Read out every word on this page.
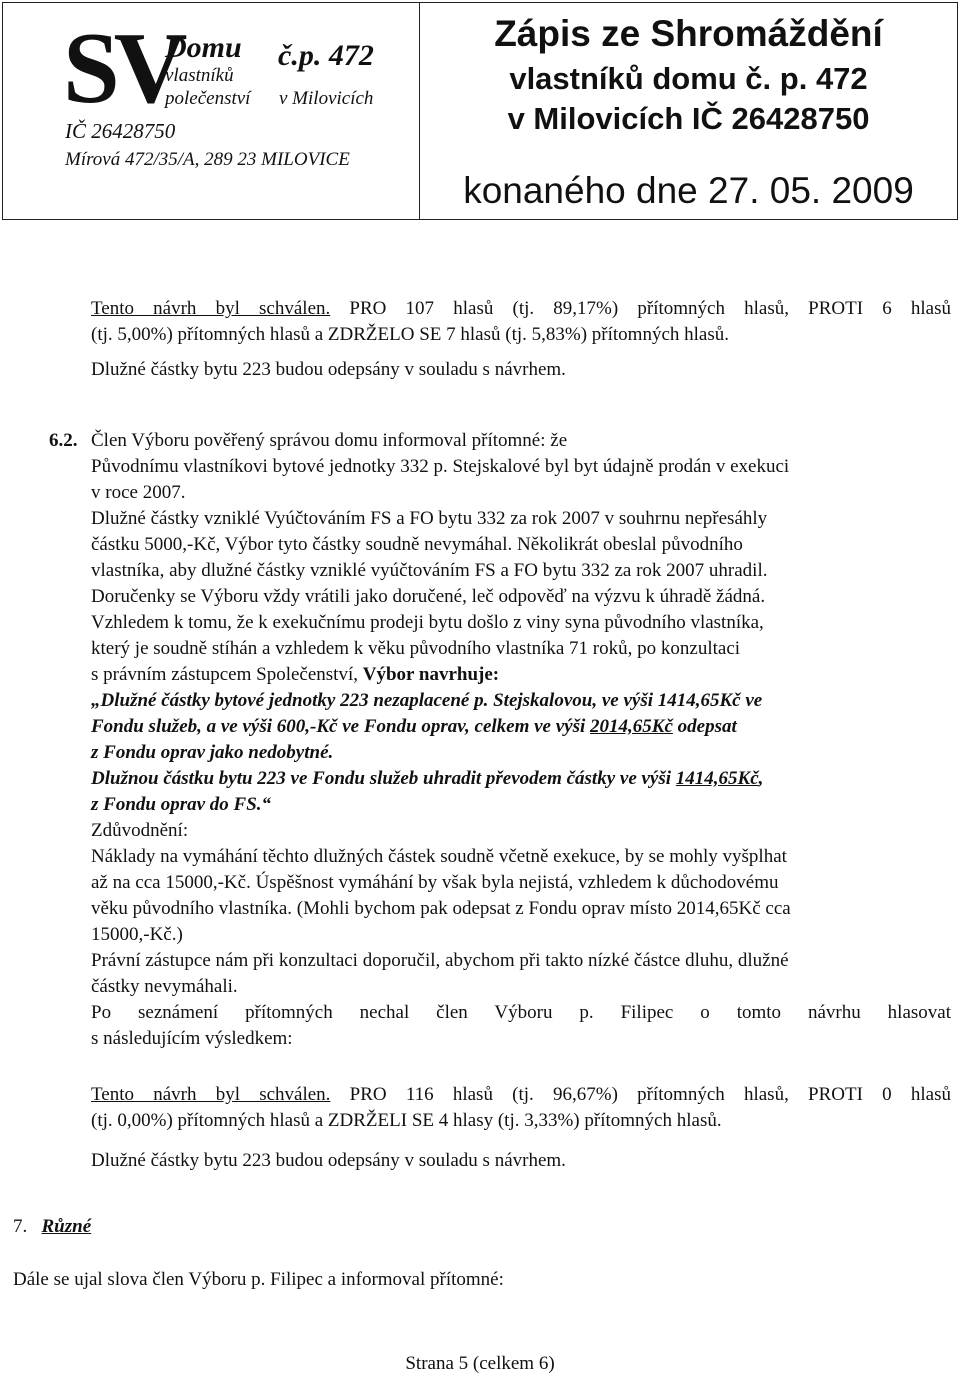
SV
Domu
vlastníků
polečenství
č.p. 472
v Milovicích
IČ 26428750
Mírová 472/35/A, 289 23 MILOVICE
Zápis ze Shromáždění
vlastníků domu č. p. 472
v Milovicích IČ 26428750
konaného dne 27. 05. 2009
Tento návrh byl schválen. PRO 107 hlasů (tj. 89,17%) přítomných hlasů, PROTI 6 hlasů
(tj. 5,00%) přítomných hlasů a ZDRŽELO SE 7 hlasů (tj. 5,83%) přítomných hlasů.
Dlužné částky bytu 223 budou odepsány v souladu s návrhem.
6.2. Člen Výboru pověřený správou domu informoval přítomné: že
Původnímu vlastníkovi bytové jednotky 332 p. Stejskalové byl byt údajně prodán v exekuci
v roce 2007.
Dlužné částky vzniklé Vyúčtováním FS a FO bytu 332 za rok 2007 v souhrnu nepřesáhly
částku 5000,-Kč, Výbor tyto částky soudně nevymáhal. Několikrát obeslal původního
vlastníka, aby dlužné částky vzniklé vyúčtováním FS a FO bytu 332 za rok 2007 uhradil.
Doručenky se Výboru vždy vrátili jako doručené, leč odpověď na výzvu k úhradě žádná.
Vzhledem k tomu, že k exekučnímu prodeji bytu došlo z viny syna původního vlastníka,
který je soudně stíhán a vzhledem k věku původního vlastníka 71 roků, po konzultaci
s právním zástupcem Společenství, Výbor navrhuje:
„Dlužné částky bytové jednotky 223 nezaplacené p. Stejskalovou, ve výši 1414,65Kč ve
Fondu služeb, a ve výši 600,-Kč ve Fondu oprav, celkem ve výši 2014,65Kč odepsat
z Fondu oprav jako nedobytné.
Dlužnou částku bytu 223 ve Fondu služeb uhradit převodem částky ve výši 1414,65Kč,
z Fondu oprav do FS.“
Zdůvodnění:
Náklady na vymáhání těchto dlužných částek soudně včetně exekuce, by se mohly vyšplhat
až na cca 15000,-Kč. Úspěšnost vymáhání by však byla nejistá, vzhledem k důchodovému
věku původního vlastníka. (Mohli bychom pak odepsat z Fondu oprav místo 2014,65Kč cca
15000,-Kč.)
Právní zástupce nám při konzultaci doporučil, abychom při takto nízké částce dluhu, dlužné
částky nevymáhali.
Po seznámení přítomných nechal člen Výboru p. Filipec o tomto návrhu hlasovat
s následujícím výsledkem:
Tento návrh byl schválen. PRO 116 hlasů (tj. 96,67%) přítomných hlasů, PROTI 0 hlasů
(tj. 0,00%) přítomných hlasů a ZDRŽELI SE 4 hlasy (tj. 3,33%) přítomných hlasů.
Dlužné částky bytu 223 budou odepsány v souladu s návrhem.
7. Různé
Dále se ujal slova člen Výboru p. Filipec a informoval přítomné:
Strana 5 (celkem 6)
